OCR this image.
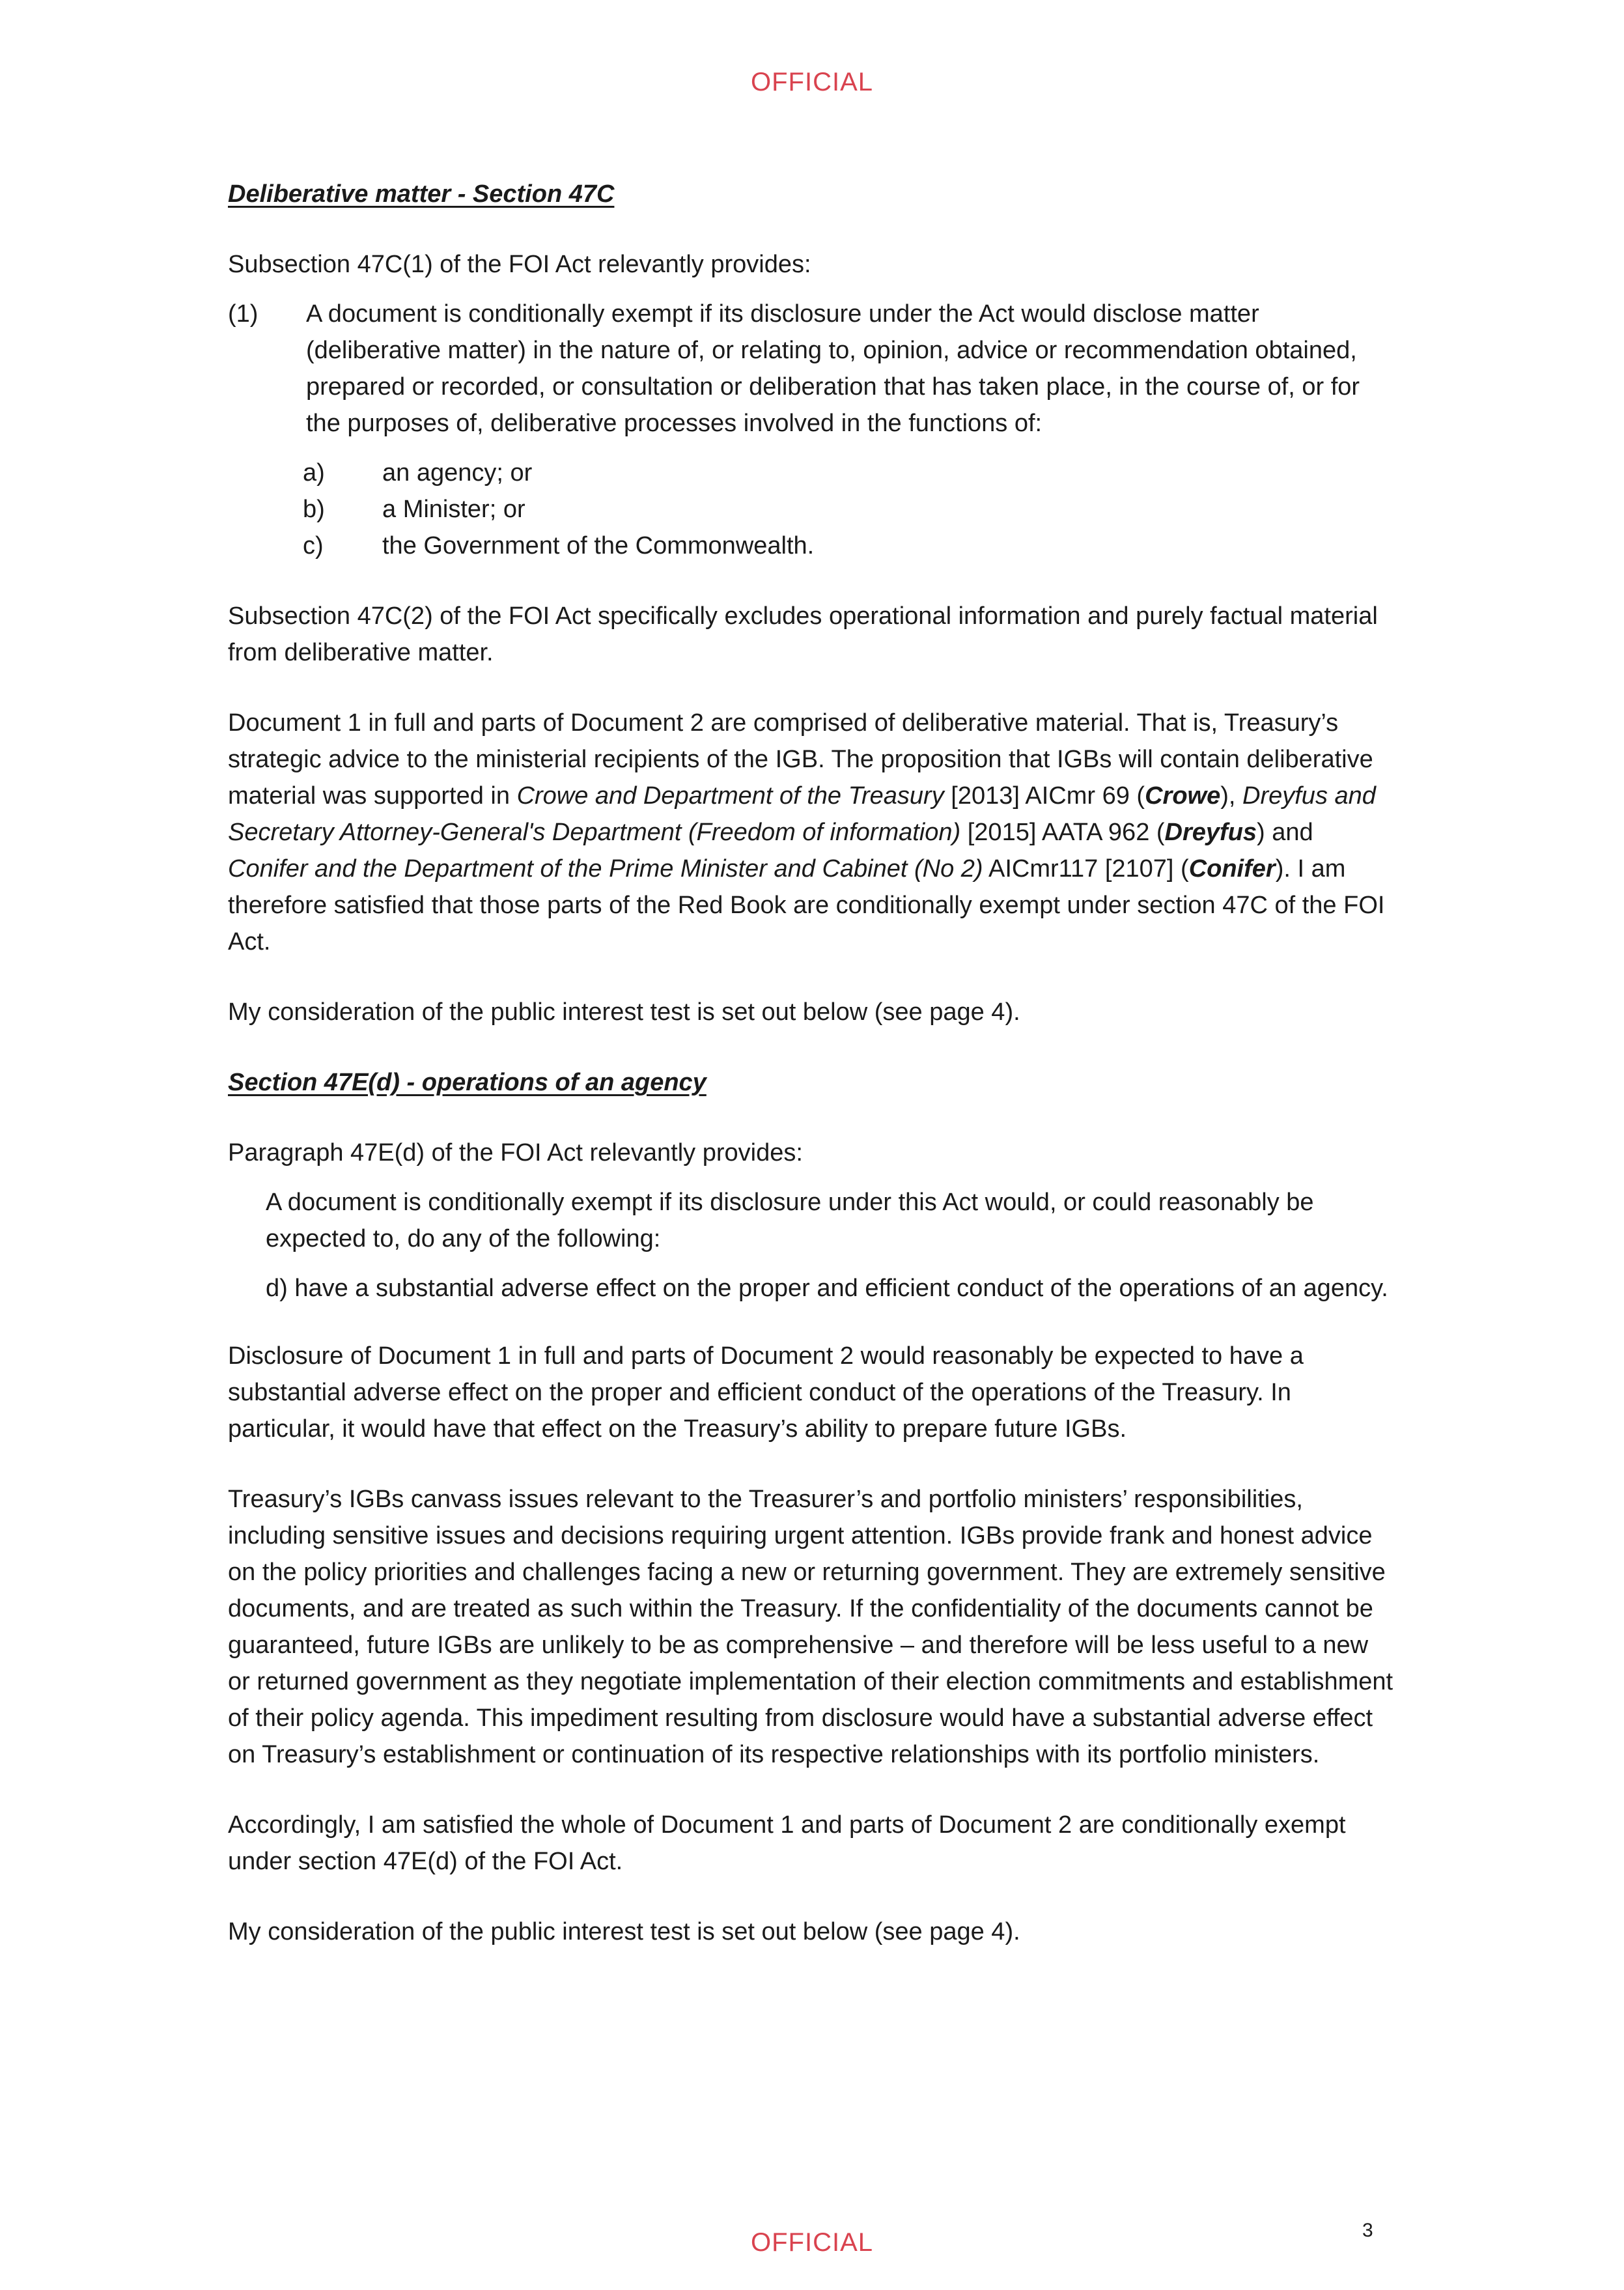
OFFICIAL

Deliberative matter - Section 47C

Subsection 47C(1) of the FOI Act relevantly provides:

(1)	A document is conditionally exempt if its disclosure under the Act would disclose matter (deliberative matter) in the nature of, or relating to, opinion, advice or recommendation obtained, prepared or recorded, or consultation or deliberation that has taken place, in the course of, or for the purposes of, deliberative processes involved in the functions of:
a)	an agency; or
b)	a Minister; or
c)	the Government of the Commonwealth.

Subsection 47C(2) of the FOI Act specifically excludes operational information and purely factual material from deliberative matter.

Document 1 in full and parts of Document 2 are comprised of deliberative material. That is, Treasury’s strategic advice to the ministerial recipients of the IGB. The proposition that IGBs will contain deliberative material was supported in Crowe and Department of the Treasury [2013] AICmr 69 (Crowe), Dreyfus and Secretary Attorney-General's Department (Freedom of information) [2015] AATA 962 (Dreyfus) and Conifer and the Department of the Prime Minister and Cabinet (No 2) AICmr117 [2107] (Conifer). I am therefore satisfied that those parts of the Red Book are conditionally exempt under section 47C of the FOI Act.

My consideration of the public interest test is set out below (see page 4).

Section 47E(d) - operations of an agency

Paragraph 47E(d) of the FOI Act relevantly provides:

A document is conditionally exempt if its disclosure under this Act would, or could reasonably be expected to, do any of the following:

d) have a substantial adverse effect on the proper and efficient conduct of the operations of an agency.

Disclosure of Document 1 in full and parts of Document 2 would reasonably be expected to have a substantial adverse effect on the proper and efficient conduct of the operations of the Treasury. In particular, it would have that effect on the Treasury’s ability to prepare future IGBs.

Treasury’s IGBs canvass issues relevant to the Treasurer’s and portfolio ministers’ responsibilities, including sensitive issues and decisions requiring urgent attention. IGBs provide frank and honest advice on the policy priorities and challenges facing a new or returning government. They are extremely sensitive documents, and are treated as such within the Treasury. If the confidentiality of the documents cannot be guaranteed, future IGBs are unlikely to be as comprehensive – and therefore will be less useful to a new or returned government as they negotiate implementation of their election commitments and establishment of their policy agenda. This impediment resulting from disclosure would have a substantial adverse effect on Treasury’s establishment or continuation of its respective relationships with its portfolio ministers.

Accordingly, I am satisfied the whole of Document 1 and parts of Document 2 are conditionally exempt under section 47E(d) of the FOI Act.

My consideration of the public interest test is set out below (see page 4).

3
OFFICIAL
